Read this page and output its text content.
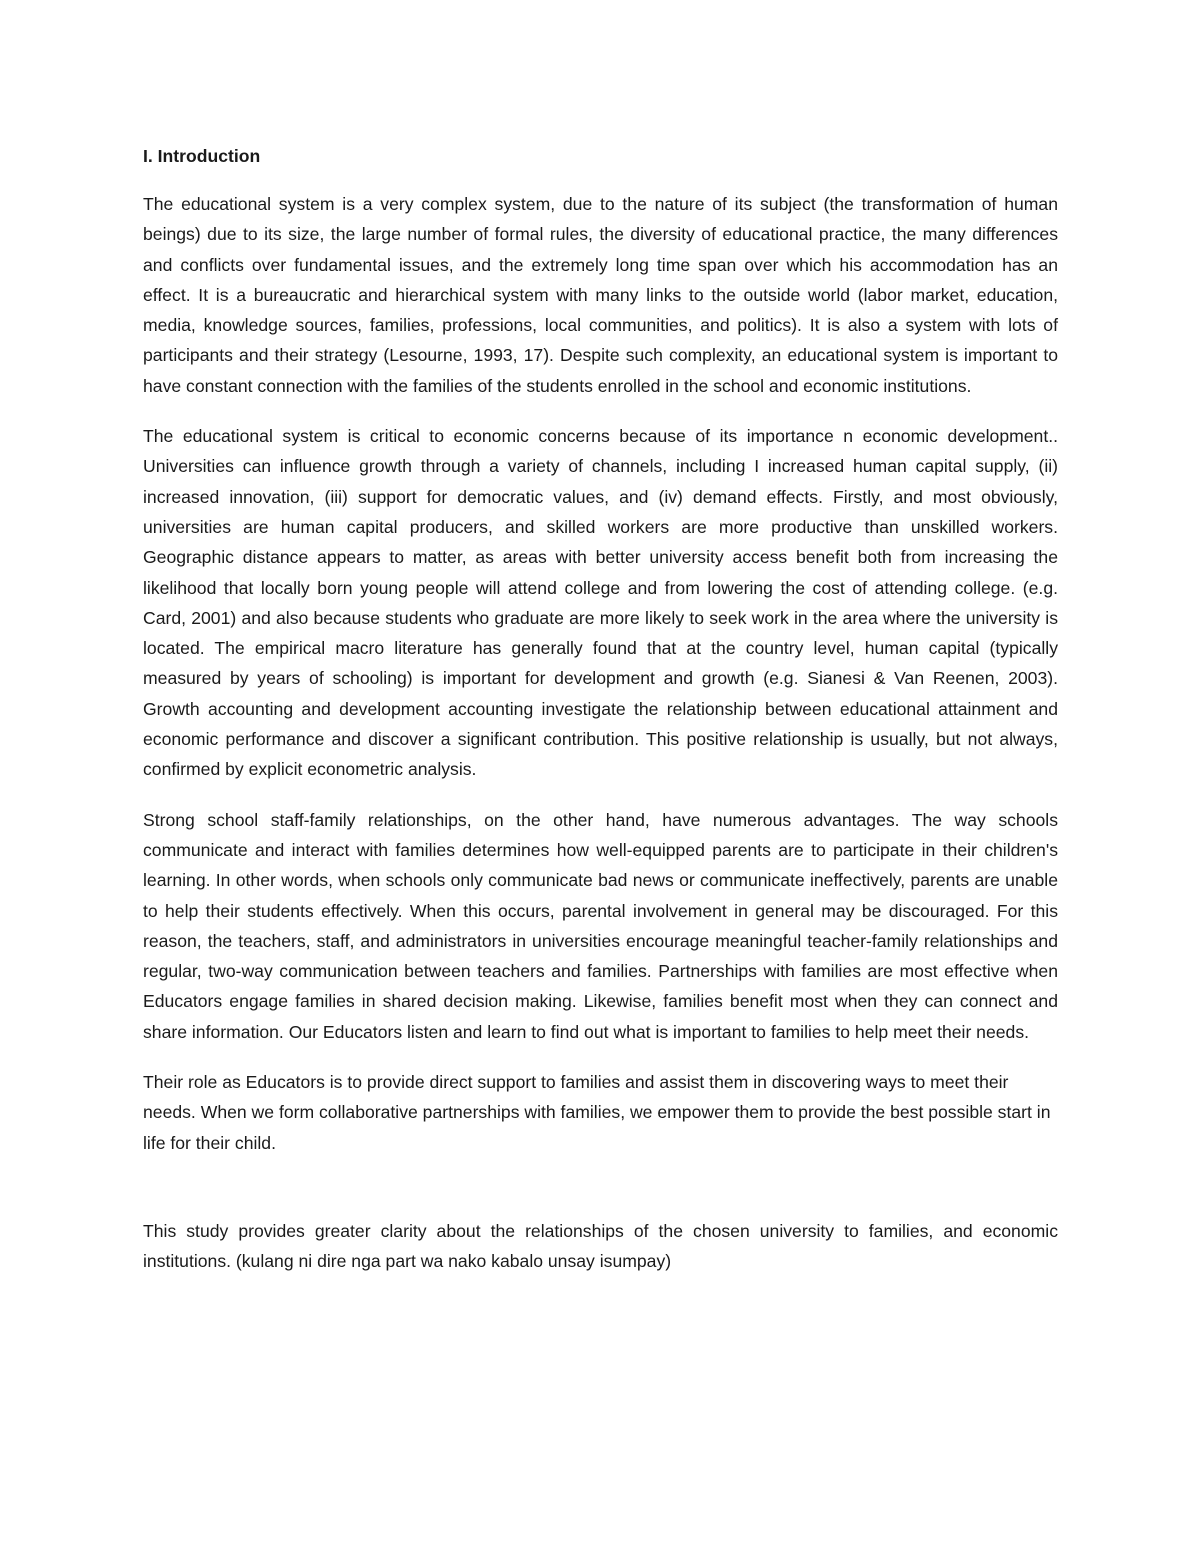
I. Introduction

The educational system is a very complex system, due to the nature of its subject (the transformation of human beings) due to its size, the large number of formal rules, the diversity of educational practice, the many differences and conflicts over fundamental issues, and the extremely long time span over which his accommodation has an effect. It is a bureaucratic and hierarchical system with many links to the outside world (labor market, education, media, knowledge sources, families, professions, local communities, and politics). It is also a system with lots of participants and their strategy (Lesourne, 1993, 17). Despite such complexity, an educational system is important to have constant connection with the families of the students enrolled in the school and economic institutions.

The educational system is critical to economic concerns because of its importance n economic development.. Universities can influence growth through a variety of channels, including I increased human capital supply, (ii) increased innovation, (iii) support for democratic values, and (iv) demand effects. Firstly, and most obviously, universities are human capital producers, and skilled workers are more productive than unskilled workers. Geographic distance appears to matter, as areas with better university access benefit both from increasing the likelihood that locally born young people will attend college and from lowering the cost of attending college. (e.g. Card, 2001) and also because students who graduate are more likely to seek work in the area where the university is located. The empirical macro literature has generally found that at the country level, human capital (typically measured by years of schooling) is important for development and growth (e.g. Sianesi & Van Reenen, 2003). Growth accounting and development accounting investigate the relationship between educational attainment and economic performance and discover a significant contribution. This positive relationship is usually, but not always, confirmed by explicit econometric analysis.

Strong school staff-family relationships, on the other hand, have numerous advantages. The way schools communicate and interact with families determines how well-equipped parents are to participate in their children's learning. In other words, when schools only communicate bad news or communicate ineffectively, parents are unable to help their students effectively. When this occurs, parental involvement in general may be discouraged. For this reason, the teachers, staff, and administrators in universities encourage meaningful teacher-family relationships and regular, two-way communication between teachers and families. Partnerships with families are most effective when Educators engage families in shared decision making. Likewise, families benefit most when they can connect and share information. Our Educators listen and learn to find out what is important to families to help meet their needs.

Their role as Educators is to provide direct support to families and assist them in discovering ways to meet their needs. When we form collaborative partnerships with families, we empower them to provide the best possible start in life for their child.

This study provides greater clarity about the relationships of the chosen university to families, and economic institutions. (kulang ni dire nga part wa nako kabalo unsay isumpay)
